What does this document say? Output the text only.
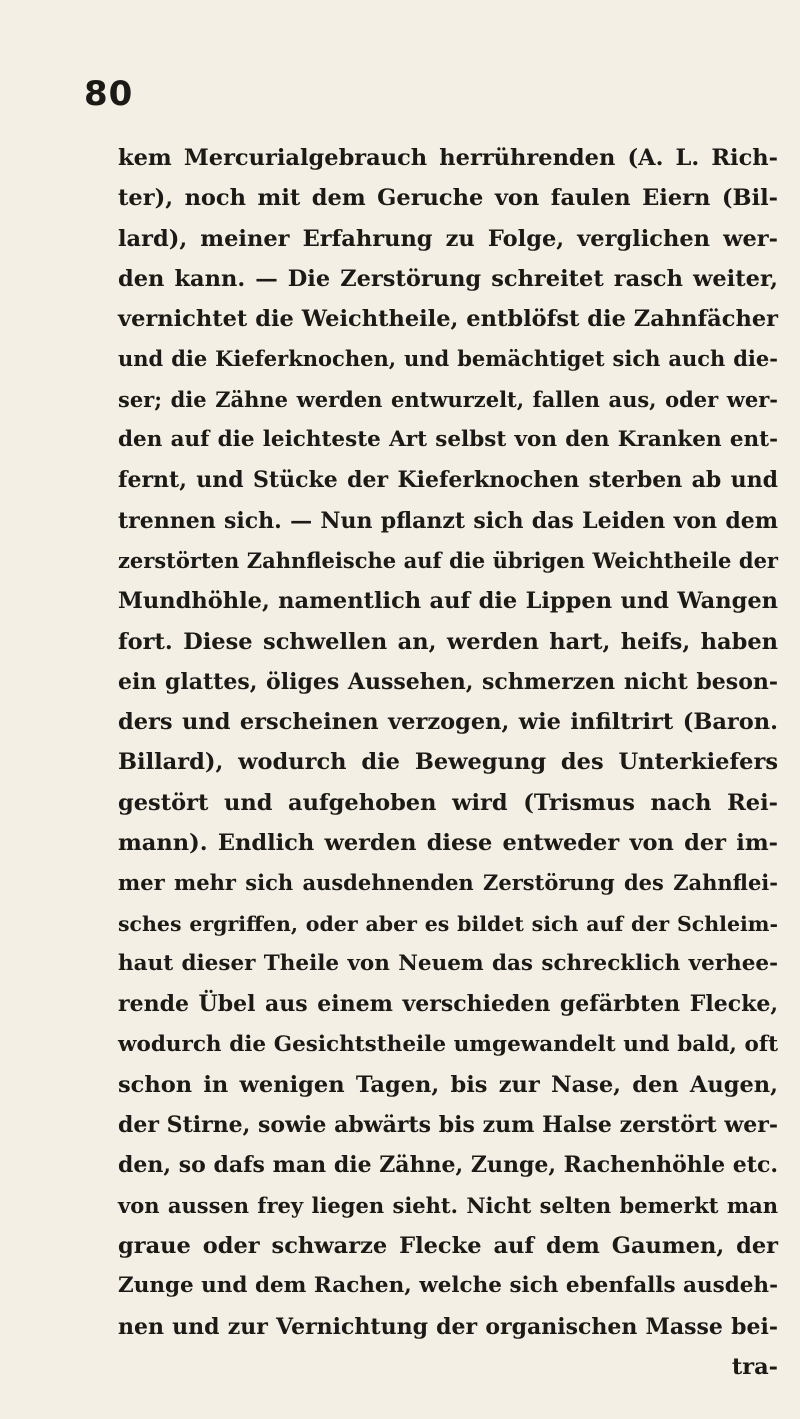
80
kem Mercurialgebrauch herrührenden (A. L. Rich-
ter), noch mit dem Geruche von faulen Eiern (Bil-
lard), meiner Erfahrung zu Folge, verglichen wer-
den kann. — Die Zerstörung schreitet rasch weiter,
vernichtet die Weichtheile, entblöfst die Zahnfächer
und die Kieferknochen, und bemächtiget sich auch die-
ser; die Zähne werden entwurzelt, fallen aus, oder wer-
den auf die leichteste Art selbst von den Kranken ent-
fernt, und Stücke der Kieferknochen sterben ab und
trennen sich. — Nun pflanzt sich das Leiden von dem
zerstörten Zahnfleische auf die übrigen Weichtheile der
Mundhöhle, namentlich auf die Lippen und Wangen
fort. Diese schwellen an, werden hart, heifs, haben
ein glattes, öliges Aussehen, schmerzen nicht beson-
ders und erscheinen verzogen, wie infiltrirt (Baron.
Billard), wodurch die Bewegung des Unterkiefers
gestört und aufgehoben wird (Trismus nach Rei-
mann). Endlich werden diese entweder von der im-
mer mehr sich ausdehnenden Zerstörung des Zahnflei-
sches ergriffen, oder aber es bildet sich auf der Schleim-
haut dieser Theile von Neuem das schrecklich verhee-
rende Übel aus einem verschieden gefärbten Flecke,
wodurch die Gesichtstheile umgewandelt und bald, oft
schon in wenigen Tagen, bis zur Nase, den Augen,
der Stirne, sowie abwärts bis zum Halse zerstört wer-
den, so dafs man die Zähne, Zunge, Rachenhöhle etc.
von aussen frey liegen sieht. Nicht selten bemerkt man
graue oder schwarze Flecke auf dem Gaumen, der
Zunge und dem Rachen, welche sich ebenfalls ausdeh-
nen und zur Vernichtung der organischen Masse bei-
tra-
